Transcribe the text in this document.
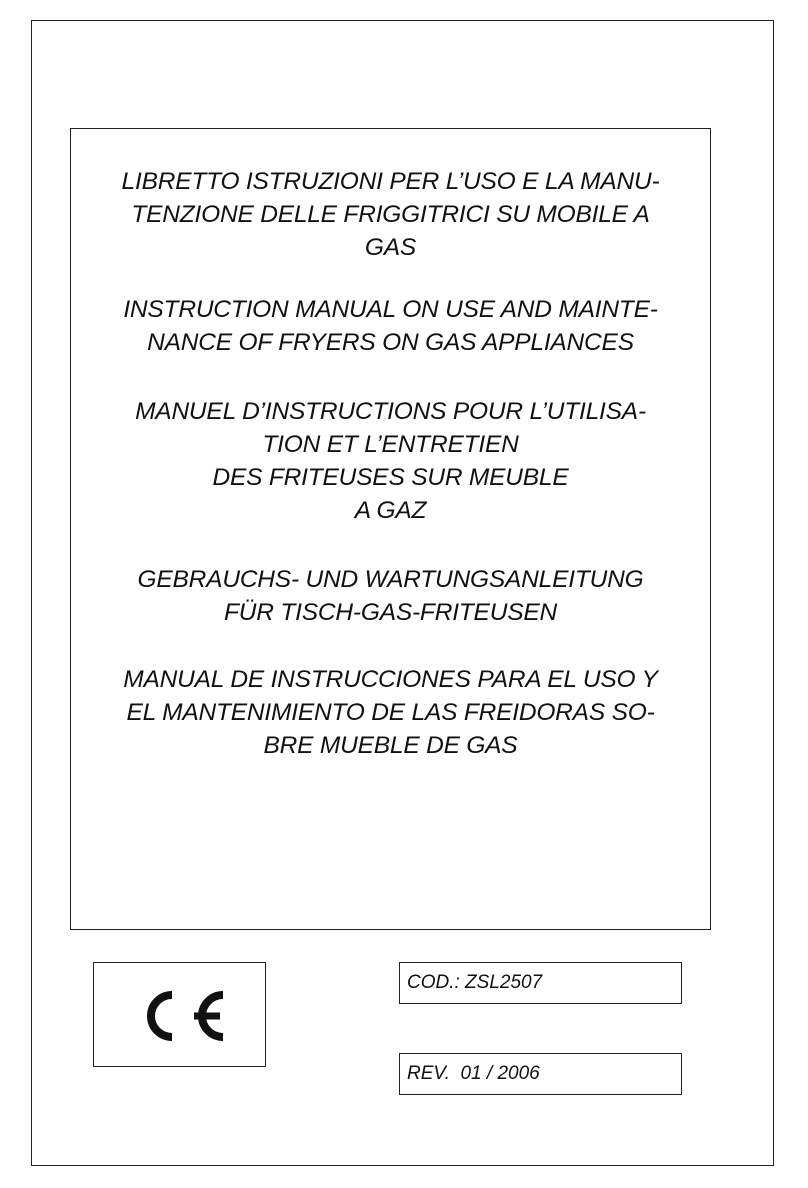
LIBRETTO ISTRUZIONI PER L’USO E LA MANU-
TENZIONE DELLE FRIGGITRICI SU MOBILE A
GAS
INSTRUCTION MANUAL ON USE AND MAINTE-
NANCE OF FRYERS ON GAS APPLIANCES
MANUEL D’INSTRUCTIONS POUR L’UTILISA-
TION ET L’ENTRETIEN
DES FRITEUSES SUR MEUBLE
A GAZ
GEBRAUCHS- UND WARTUNGSANLEITUNG
FÜR TISCH-GAS-FRITEUSEN
MANUAL DE INSTRUCCIONES PARA EL USO Y
EL MANTENIMIENTO DE LAS FREIDORAS SO-
BRE MUEBLE DE GAS
COD.: ZSL2507
REV.  01 / 2006
